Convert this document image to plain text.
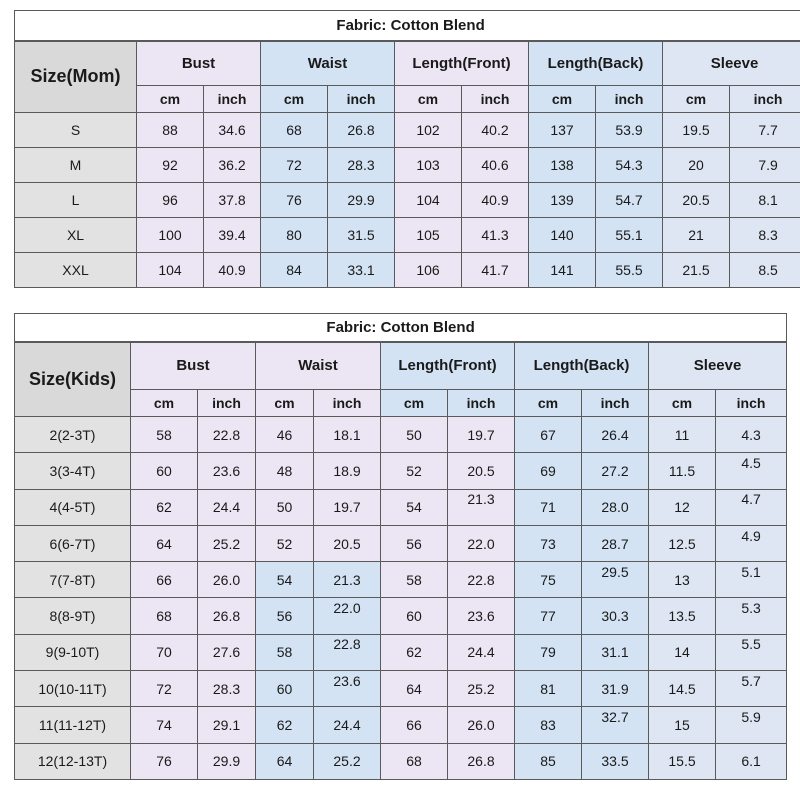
Fabric: Cotton Blend										
Size(Mom)	Bust		Waist		Length(Front)		Length(Back)		Sleeve	
	cm	inch	cm	inch	cm	inch	cm	inch	cm	inch
S	88	34.6	68	26.8	102	40.2	137	53.9	19.5	7.7
M	92	36.2	72	28.3	103	40.6	138	54.3	20	7.9
L	96	37.8	76	29.9	104	40.9	139	54.7	20.5	8.1
XL	100	39.4	80	31.5	105	41.3	140	55.1	21	8.3
XXL	104	40.9	84	33.1	106	41.7	141	55.5	21.5	8.5
Fabric: Cotton Blend										
Size(Kids)	Bust		Waist		Length(Front)		Length(Back)		Sleeve	
	cm	inch	cm	inch	cm	inch	cm	inch	cm	inch
2(2-3T)	58	22.8	46	18.1	50	19.7	67	26.4	11	4.3
3(3-4T)	60	23.6	48	18.9	52	20.5	69	27.2	11.5	4.5
4(4-5T)	62	24.4	50	19.7	54	21.3	71	28.0	12	4.7
6(6-7T)	64	25.2	52	20.5	56	22.0	73	28.7	12.5	4.9
7(7-8T)	66	26.0	54	21.3	58	22.8	75	29.5	13	5.1
8(8-9T)	68	26.8	56	22.0	60	23.6	77	30.3	13.5	5.3
9(9-10T)	70	27.6	58	22.8	62	24.4	79	31.1	14	5.5
10(10-11T)	72	28.3	60	23.6	64	25.2	81	31.9	14.5	5.7
11(11-12T)	74	29.1	62	24.4	66	26.0	83	32.7	15	5.9
12(12-13T)	76	29.9	64	25.2	68	26.8	85	33.5	15.5	6.1
